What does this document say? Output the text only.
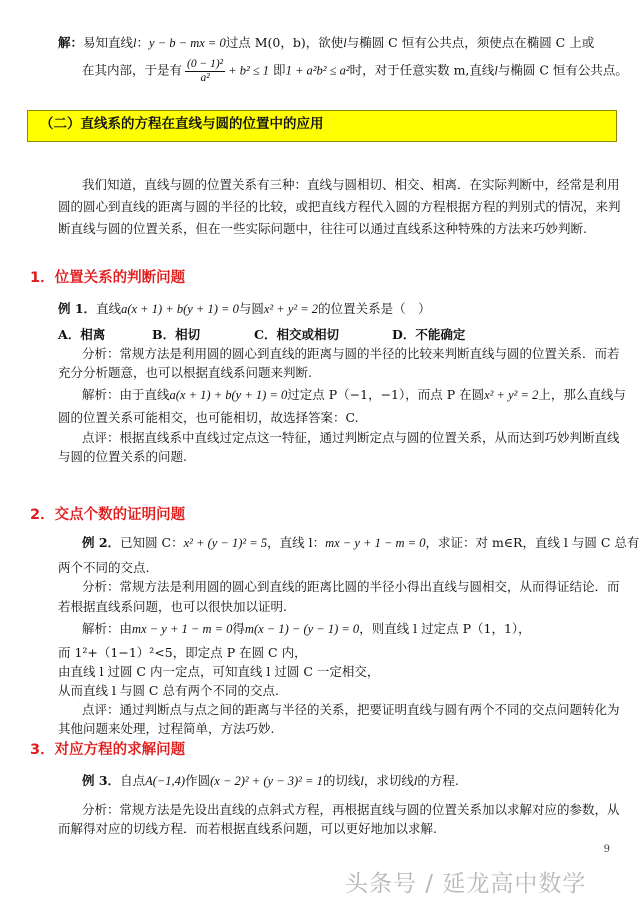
解：易知直线l：y − b − mx = 0过点 M(0，b)，欲使l与椭圆 C 恒有公共点，须使点在椭圆 C 上或
在其内部，于是有 $\frac{\text{(0 − 1)²}}{\text{a²}} + b^2 \le 1$ 即1 + a²b² ≤ a²时，对于任意实数 m,直线l与椭圆 C 恒有公共点。
（二）直线系的方程在直线与圆的位置中的应用
我们知道，直线与圆的位置关系有三种：直线与圆相切、相交、相离．在实际判断中，经常是利用
圆的圆心到直线的距离与圆的半径的比较，或把直线方程代入圆的方程根据方程的判别式的情况，来判
断直线与圆的位置关系，但在一些实际问题中，往往可以通过直线系这种特殊的方法来巧妙判断.
1．位置关系的判断问题
例 1．直线a(x + 1) + b(y + 1) = 0与圆x² + y² = 2的位置关系是（　）
A．相离	B．相切	C．相交或相切	D．不能确定
分析：常规方法是利用圆的圆心到直线的距离与圆的半径的比较来判断直线与圆的位置关系．而若
充分分析题意，也可以根据直线系问题来判断.
解析：由于直线a(x + 1) + b(y + 1) = 0过定点 P（−1，−1），而点 P 在圆x² + y² = 2上，那么直线与
圆的位置关系可能相交，也可能相切，故选择答案：C.
点评：根据直线系中直线过定点这一特征，通过判断定点与圆的位置关系，从而达到巧妙判断直线
与圆的位置关系的问题.
2．交点个数的证明问题
例 2．已知圆 C：x² + (y − 1)² = 5，直线 l：mx − y + 1 − m = 0，求证：对 m∈R，直线 l 与圆 C 总有
两个不同的交点.
分析：常规方法是利用圆的圆心到直线的距离比圆的半径小得出直线与圆相交，从而得证结论．而
若根据直线系问题，也可以很快加以证明.
解析：由mx − y + 1 − m = 0得m(x − 1) − (y − 1) = 0，则直线 l 过定点 P（1，1），
而 1²+（1−1）²<5，即定点 P 在圆 C 内，
由直线 l 过圆 C 内一定点，可知直线 l 过圆 C 一定相交，
从而直线 l 与圆 C 总有两个不同的交点.
点评：通过判断点与点之间的距离与半径的关系，把要证明直线与圆有两个不同的交点问题转化为
其他问题来处理，过程简单，方法巧妙.
3．对应方程的求解问题
例 3．自点A(−1,4)作圆(x − 2)² + (y − 3)² = 1的切线l，求切线l的方程.
分析：常规方法是先设出直线的点斜式方程，再根据直线与圆的位置关系加以求解对应的参数，从
而解得对应的切线方程．而若根据直线系问题，可以更好地加以求解.
9
头条号 / 延龙高中数学
